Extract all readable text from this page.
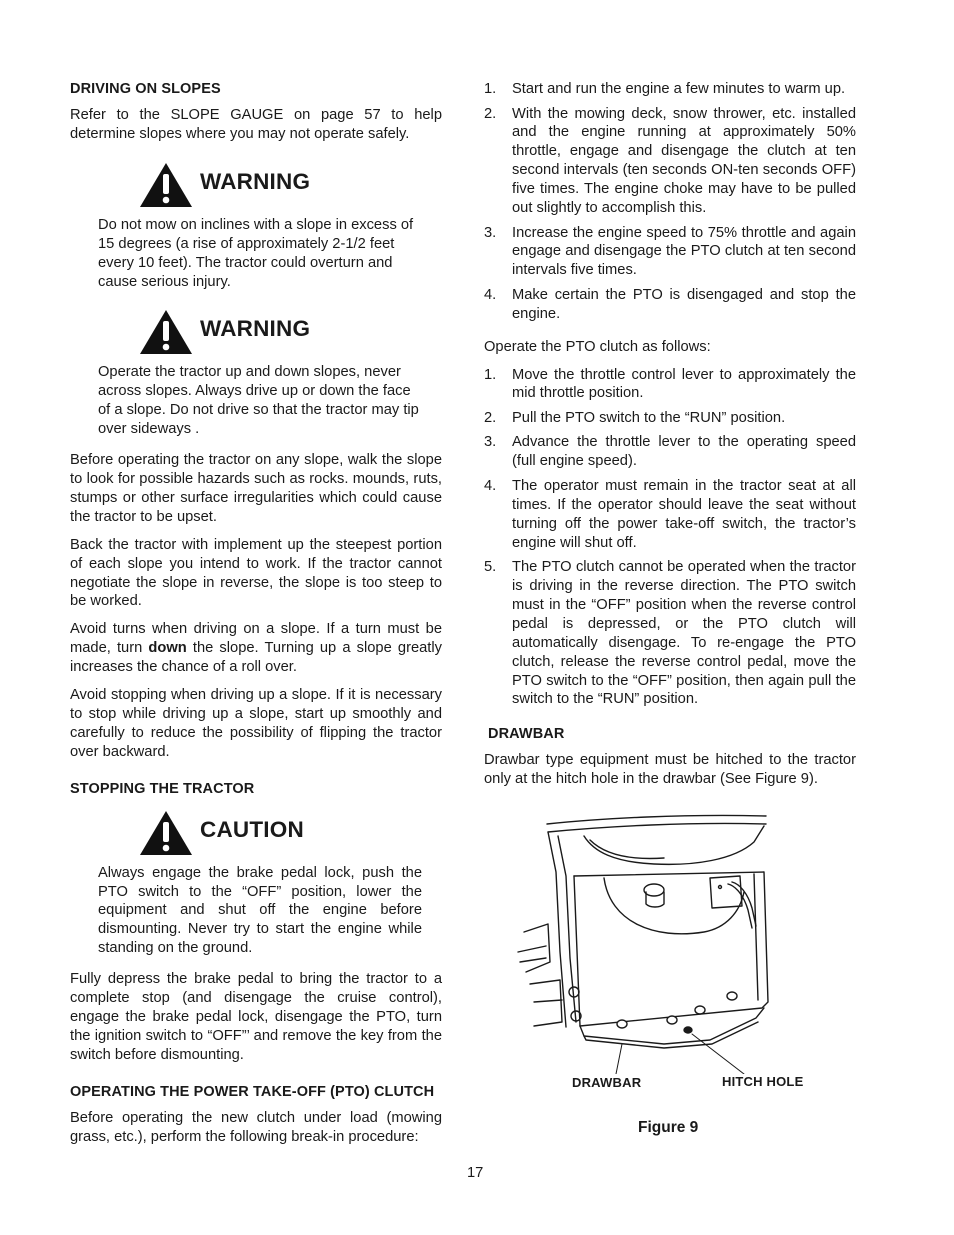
DRIVING ON SLOPES

Refer to the SLOPE GAUGE on page 57 to help determine slopes where you may not operate safely.

WARNING
Do not mow on inclines with a slope in excess of 15 degrees (a rise of approximately 2-1/2 feet every 10 feet). The tractor could overturn and cause serious injury.
WARNING
Operate the tractor up and down slopes, never across slopes. Always drive up or down the face of a slope. Do not drive so that the tractor may tip over sideways .

Before operating the tractor on any slope, walk the slope to look for possible hazards such as rocks. mounds, ruts, stumps or other surface irregularities which could cause the tractor to be upset.

Back the tractor with implement up the steepest portion of each slope you intend to work. If the tractor cannot negotiate the slope in reverse, the slope is too steep to be worked.

Avoid turns when driving on a slope. If a turn must be made, turn down the slope. Turning up a slope greatly increases the chance of a roll over.

Avoid stopping when driving up a slope. If it is necessary to stop while driving up a slope, start up smoothly and carefully to reduce the possibility of flipping the tractor over backward.

STOPPING THE TRACTOR
CAUTION
Always engage the brake pedal lock, push the PTO switch to the “OFF” position, lower the equipment and shut off the engine before dismounting. Never try to start the engine while standing on the ground.

Fully depress the brake pedal to bring the tractor to a complete stop (and disengage the cruise control), engage the brake pedal lock, disengage the PTO, turn the ignition switch to “OFF”’ and remove the key from the switch before dismounting.

OPERATING THE POWER TAKE-OFF (PTO) CLUTCH

Before operating the new clutch under load (mowing grass, etc.), perform the following break-in procedure:

1. Start and run the engine a few minutes to warm up.
2. With the mowing deck, snow thrower, etc. installed and the engine running at approximately 50% throttle, engage and disengage the clutch at ten second intervals (ten seconds ON-ten seconds OFF) five times. The engine choke may have to be pulled out slightly to accomplish this.
3. Increase the engine speed to 75% throttle and again engage and disengage the PTO clutch at ten second intervals five times.
4. Make certain the PTO is disengaged and stop the engine.

Operate the PTO clutch as follows:

1. Move the throttle control lever to approximately the mid throttle position.
2. Pull the PTO switch to the “RUN” position.
3. Advance the throttle lever to the operating speed (full engine speed).
4. The operator must remain in the tractor seat at all times. If the operator should leave the seat without turning off the power take-off switch, the tractor’s engine will shut off.
5. The PTO clutch cannot be operated when the tractor is driving in the reverse direction. The PTO switch must in the “OFF” position when the reverse control pedal is depressed, or the PTO clutch will automatically disengage. To re-engage the PTO clutch, release the reverse control pedal, move the PTO switch to the “OFF” position, then again pull the switch to the “RUN” position.
DRAWBAR

Drawbar type equipment must be hitched to the tractor only at the hitch hole in the drawbar (See Figure 9).

DRAWBAR	HITCH HOLE
Figure 9
17
